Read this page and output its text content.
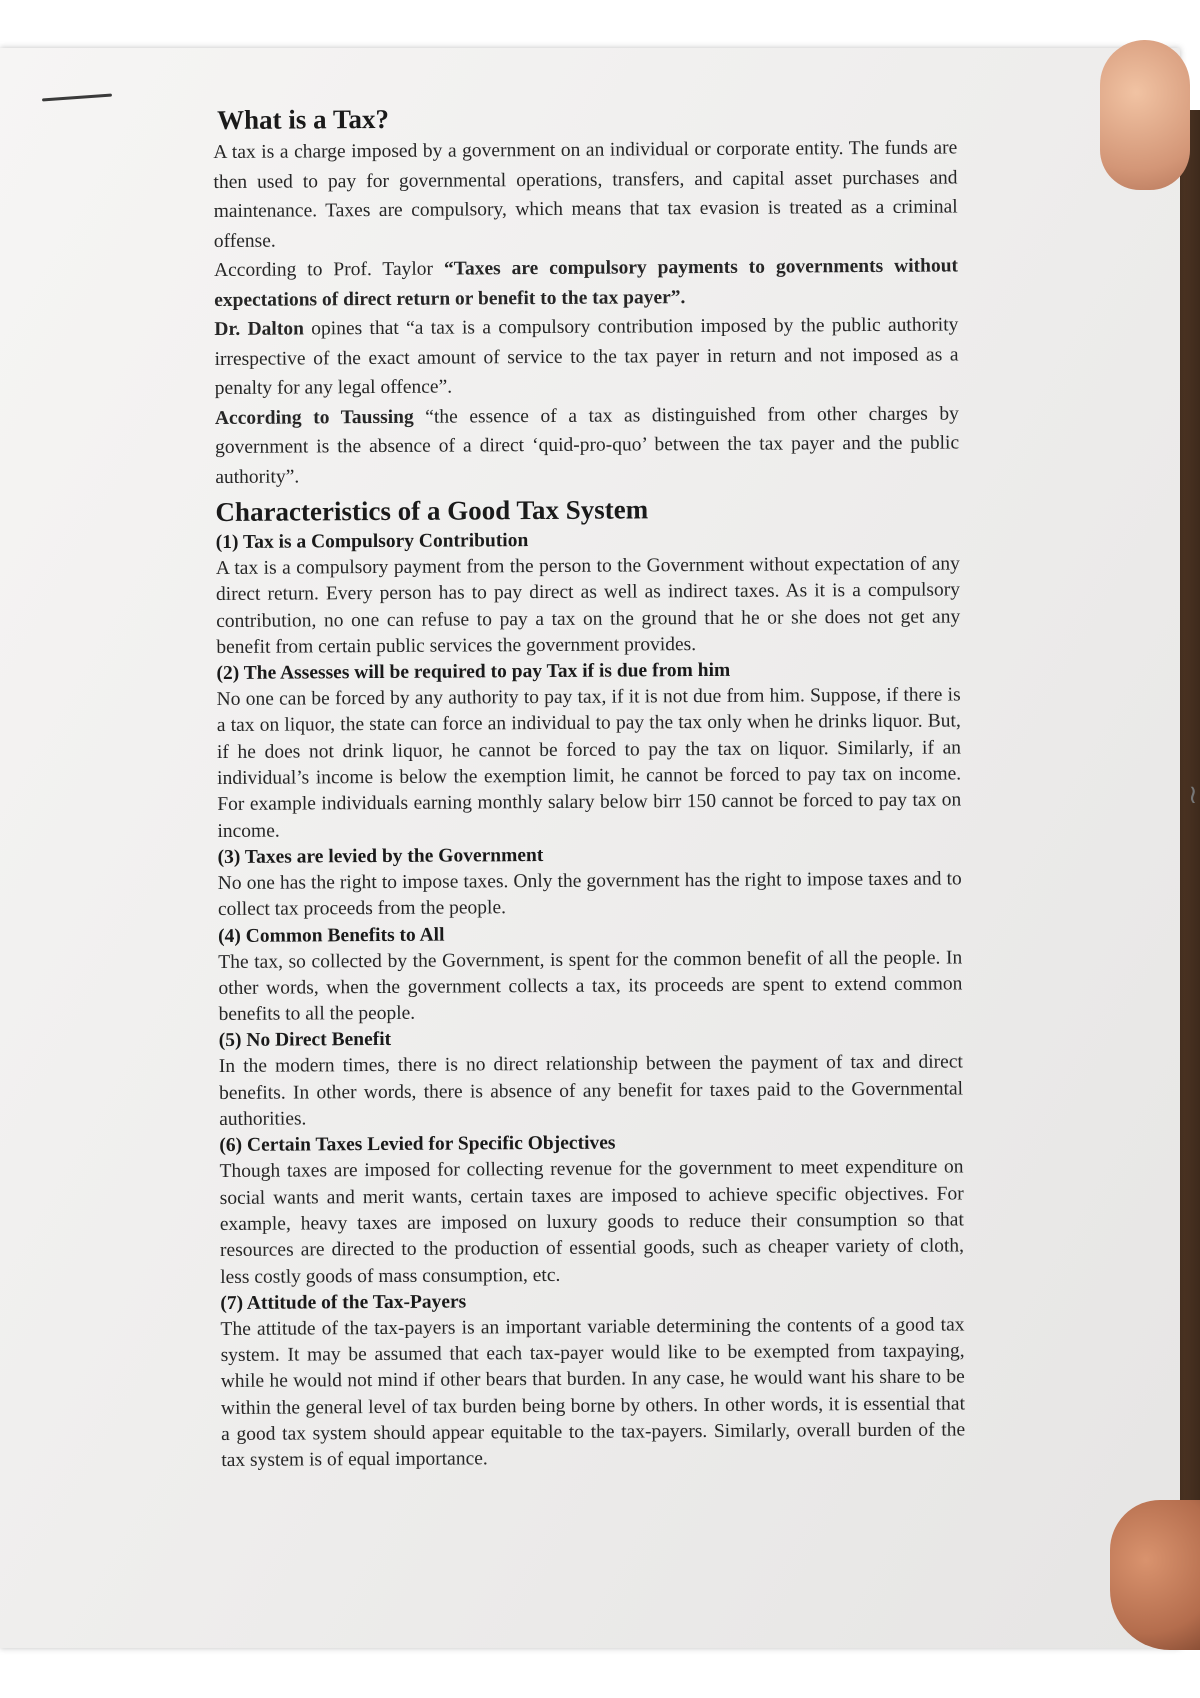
≀
What is a Tax?

A tax is a charge imposed by a government on an individual or corporate entity. The funds are then used to pay for governmental operations, transfers, and capital asset purchases and maintenance. Taxes are compulsory, which means that tax evasion is treated as a criminal offense.

According to Prof. Taylor “Taxes are compulsory payments to governments without expectations of direct return or benefit to the tax payer”.

Dr. Dalton opines that “a tax is a compulsory contribution imposed by the public authority irrespective of the exact amount of service to the tax payer in return and not imposed as a penalty for any legal offence”.

According to Taussing “the essence of a tax as distinguished from other charges by government is the absence of a direct ‘quid-pro-quo’ between the tax payer and the public authority”.

Characteristics of a Good Tax System

(1) Tax is a Compulsory Contribution

A tax is a compulsory payment from the person to the Government without expectation of any direct return. Every person has to pay direct as well as indirect taxes. As it is a compulsory contribution, no one can refuse to pay a tax on the ground that he or she does not get any benefit from certain public services the government provides.

(2) The Assesses will be required to pay Tax if is due from him

No one can be forced by any authority to pay tax, if it is not due from him. Suppose, if there is a tax on liquor, the state can force an individual to pay the tax only when he drinks liquor. But, if he does not drink liquor, he cannot be forced to pay the tax on liquor. Similarly, if an individual’s income is below the exemption limit, he cannot be forced to pay tax on income. For example individuals earning monthly salary below birr 150 cannot be forced to pay tax on income.

(3) Taxes are levied by the Government

No one has the right to impose taxes. Only the government has the right to impose taxes and to collect tax proceeds from the people.

(4) Common Benefits to All

The tax, so collected by the Government, is spent for the common benefit of all the people. In other words, when the government collects a tax, its proceeds are spent to extend common benefits to all the people.

(5) No Direct Benefit

In the modern times, there is no direct relationship between the payment of tax and direct benefits. In other words, there is absence of any benefit for taxes paid to the Governmental authorities.

(6) Certain Taxes Levied for Specific Objectives

Though taxes are imposed for collecting revenue for the government to meet expenditure on social wants and merit wants, certain taxes are imposed to achieve specific objectives. For example, heavy taxes are imposed on luxury goods to reduce their consumption so that resources are directed to the production of essential goods, such as cheaper variety of cloth, less costly goods of mass consumption, etc.

(7) Attitude of the Tax-Payers

The attitude of the tax-payers is an important variable determining the contents of a good tax system. It may be assumed that each tax-payer would like to be exempted from taxpaying, while he would not mind if other bears that burden. In any case, he would want his share to be within the general level of tax burden being borne by others. In other words, it is essential that a good tax system should appear equitable to the tax-payers. Similarly, overall burden of the tax system is of equal importance.
